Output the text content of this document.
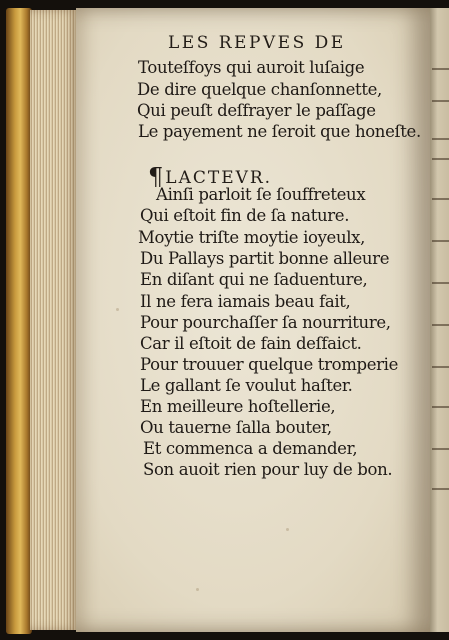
LES REPVES DE
Touteſfoys qui auroit luſaige
De dire quelque chanſonnette,
Qui peuſt deſfrayer le paſſage
Le payement ne ſeroit que honeſte.
¶ LACTEVR.
Ainſi parloit ſe ſouffreteux
Qui eſtoit fin de ſa nature.
Moytie triſte moytie ioyeulx,
Du Pallays partit bonne alleure
En diſant qui ne ſaduenture,
Il ne fera iamais beau fait,
Pour pourchaſſer ſa nourriture,
Car il eſtoit de fain deſfaict.
Pour trouuer quelque tromperie
Le gallant ſe voulut haſter.
En meilleure hoſtellerie,
Ou tauerne ſalla bouter,
Et commenca a demander,
Son auoit rien pour luy de bon.
